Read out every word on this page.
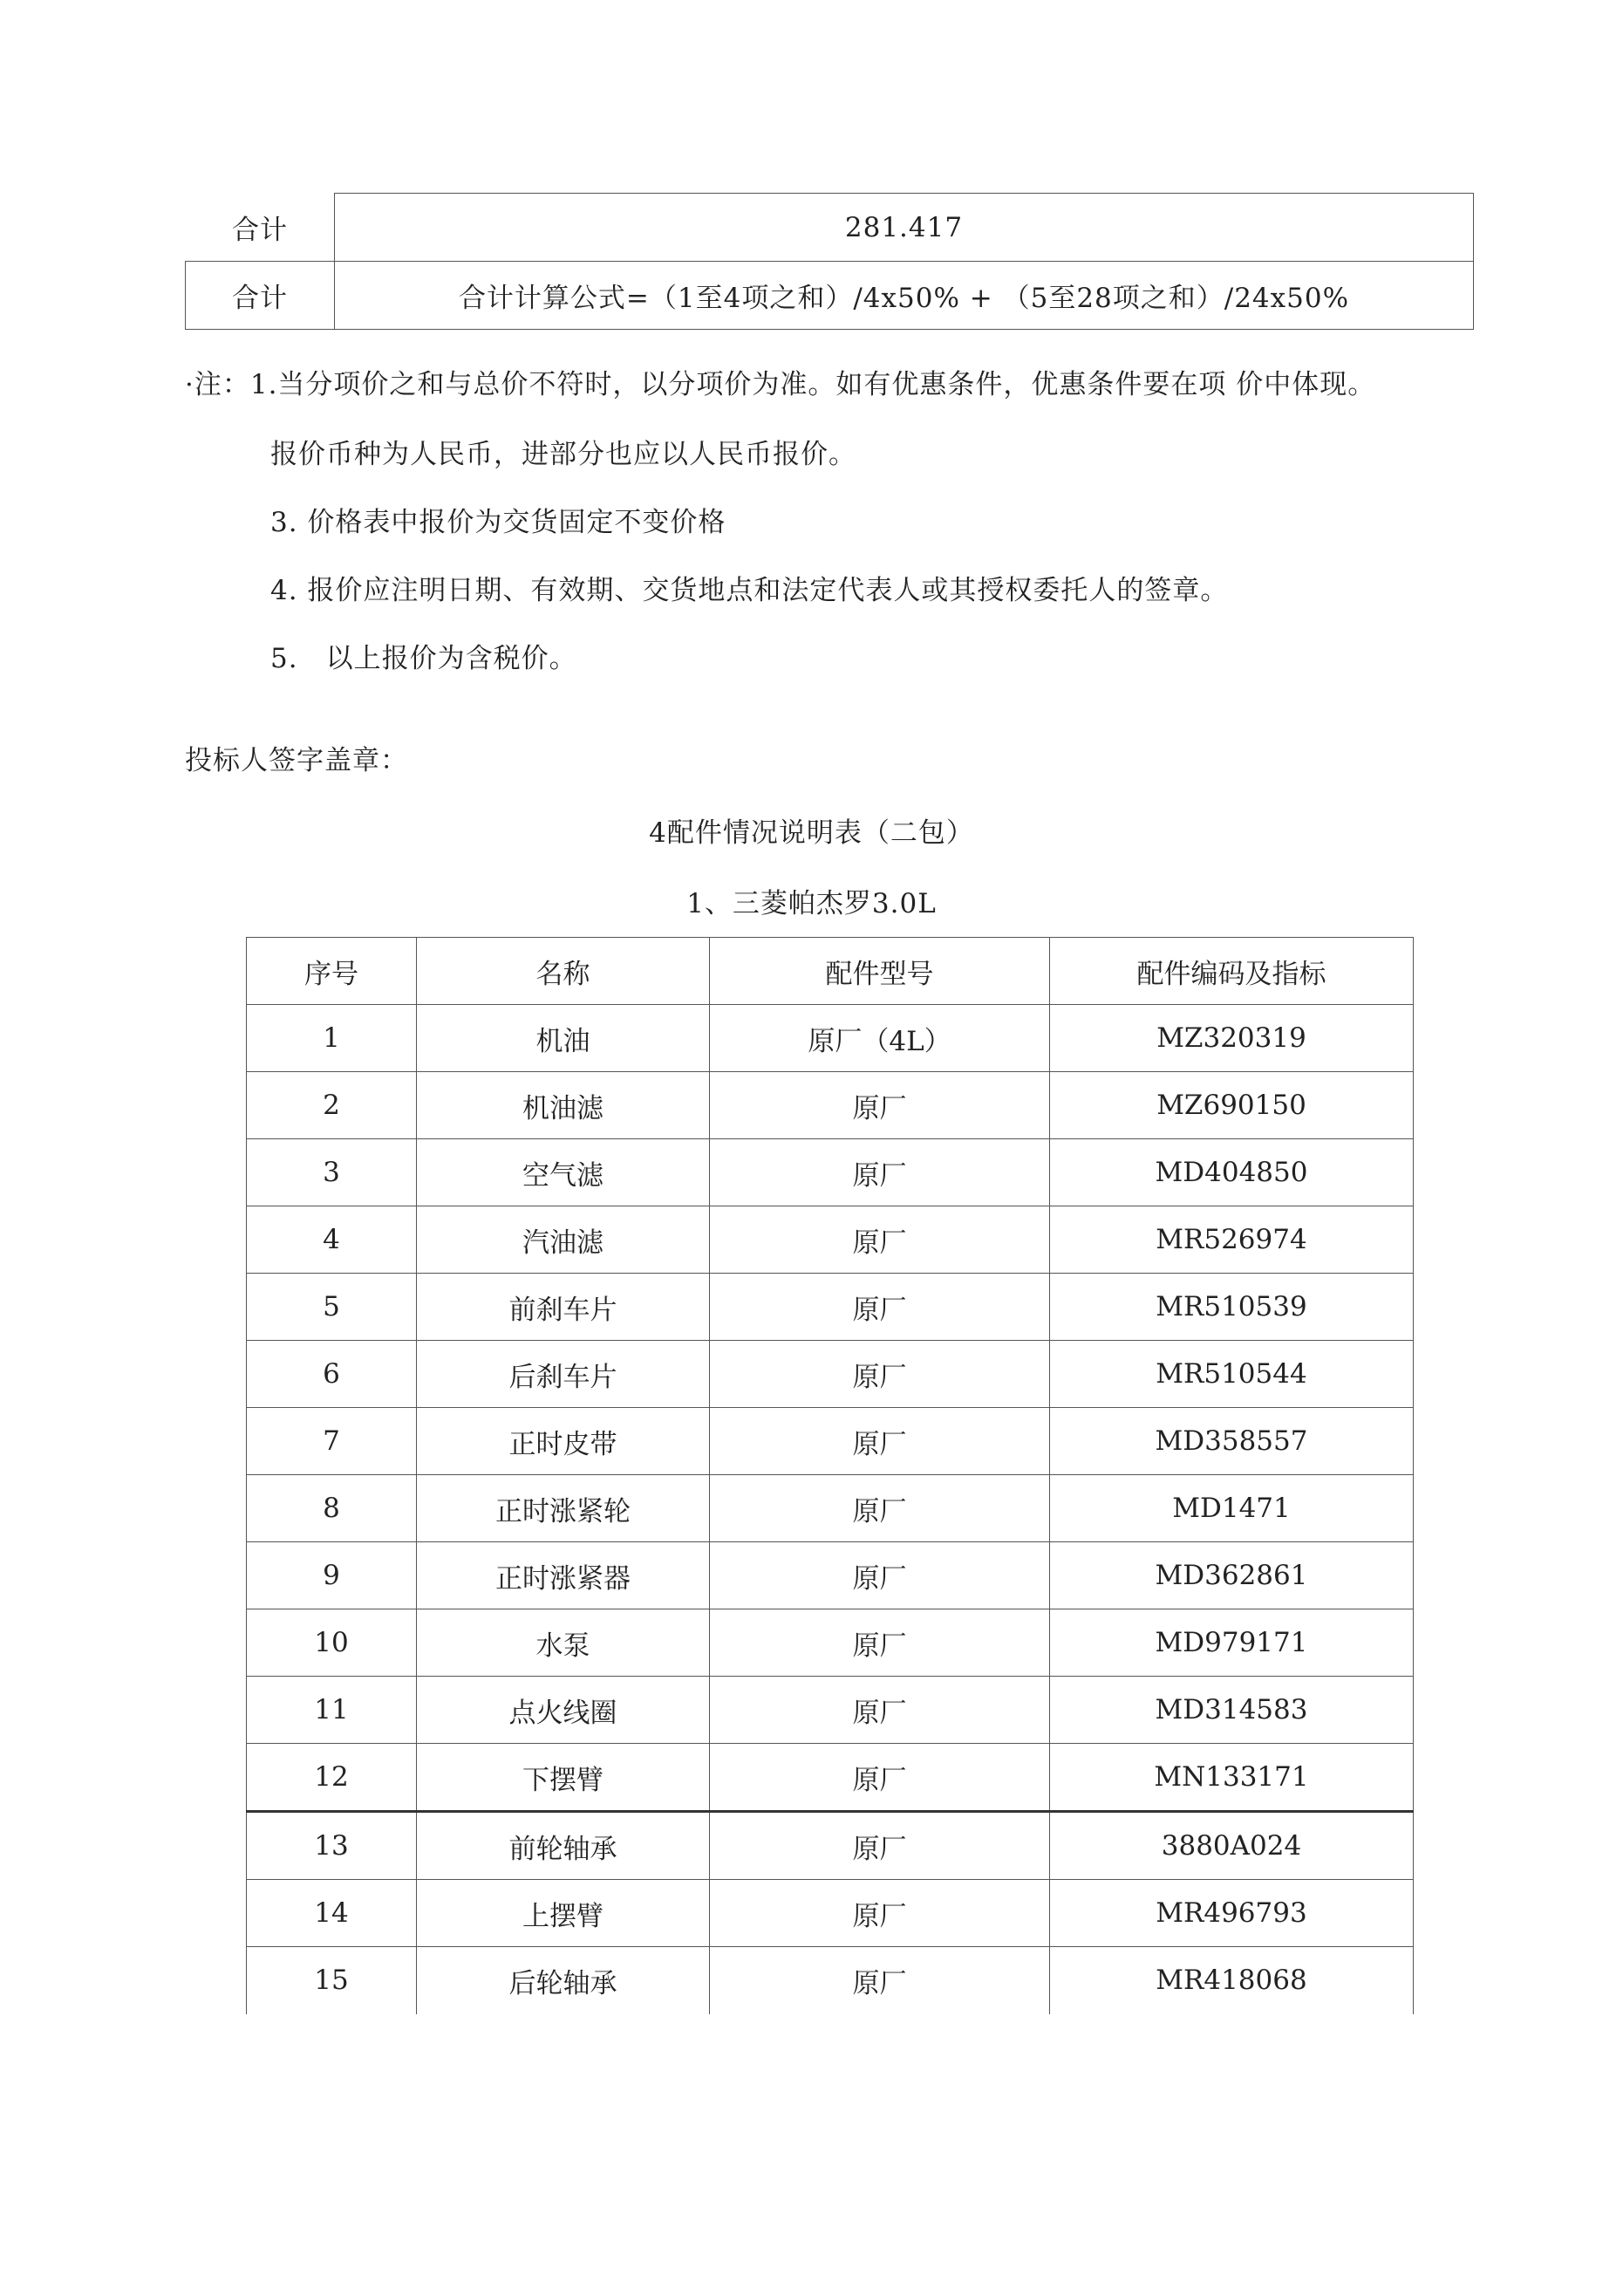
合计	281.417
合计	合计计算公式=（1至4项之和）/4x50% + （5至28项之和）/24x50%
·注：1.当分项价之和与总价不符时，以分项价为准。如有优惠条件，优惠条件要在项 价中体现。
报价币种为人民币，进部分也应以人民币报价。
3. 价格表中报价为交货固定不变价格
4. 报价应注明日期、有效期、交货地点和法定代表人或其授权委托人的签章。
5.　以上报价为含税价。
投标人签字盖章：
4配件情况说明表（二包）
1、三菱帕杰罗3.0L
序号	名称	配件型号	配件编码及指标
1	机油	原厂（4L）	MZ320319
2	机油滤	原厂	MZ690150
3	空气滤	原厂	MD404850
4	汽油滤	原厂	MR526974
5	前刹车片	原厂	MR510539
6	后刹车片	原厂	MR510544
7	正时皮带	原厂	MD358557
8	正时涨紧轮	原厂	MD1471
9	正时涨紧器	原厂	MD362861
10	水泵	原厂	MD979171
11	点火线圈	原厂	MD314583
12	下摆臂	原厂	MN133171
13	前轮轴承	原厂	3880A024
14	上摆臂	原厂	MR496793
15	后轮轴承	原厂	MR418068
